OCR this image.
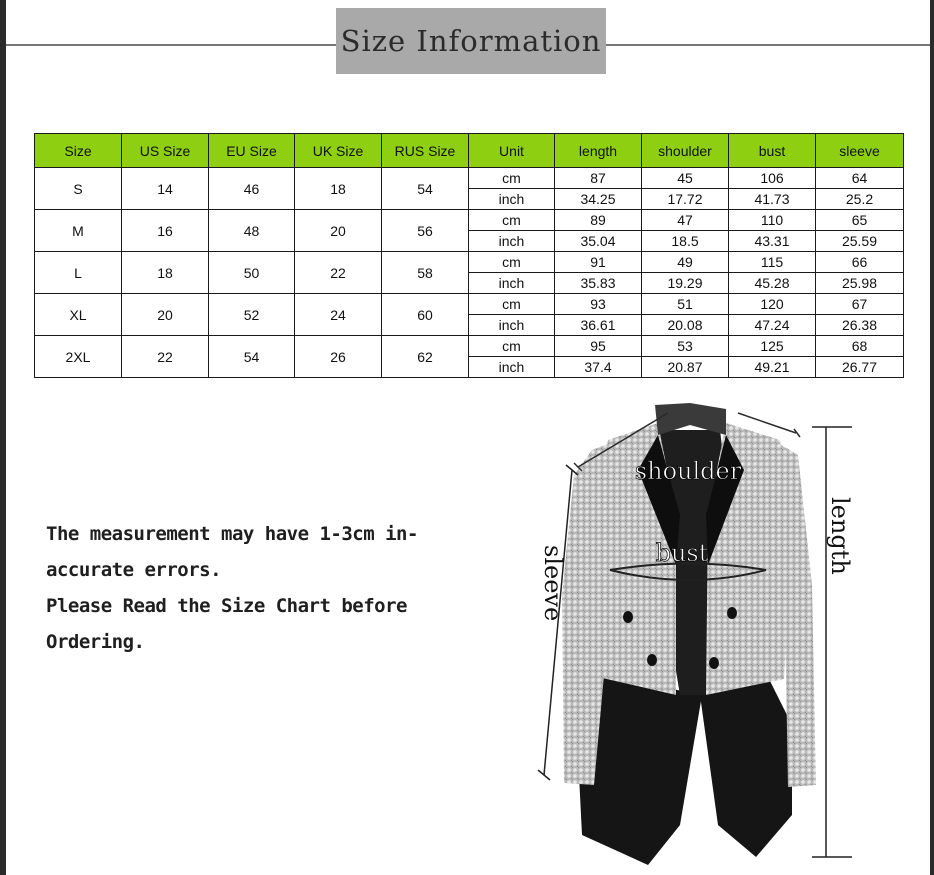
Size Information
Size	US Size	EU Size	UK Size	RUS Size	Unit	length	shoulder	bust	sleeve
S	14	46	18	54	cm	87	45	106	64
					inch	34.25	17.72	41.73	25.2
M	16	48	20	56	cm	89	47	110	65
					inch	35.04	18.5	43.31	25.59
L	18	50	22	58	cm	91	49	115	66
					inch	35.83	19.29	45.28	25.98
XL	20	52	24	60	cm	93	51	120	67
					inch	36.61	20.08	47.24	26.38
2XL	22	54	26	62	cm	95	53	125	68
					inch	37.4	20.87	49.21	26.77
The measurement may have 1-3cm in-
accurate errors.
Please Read the Size Chart before
Ordering.
shoulder
bust
sleeve
length
